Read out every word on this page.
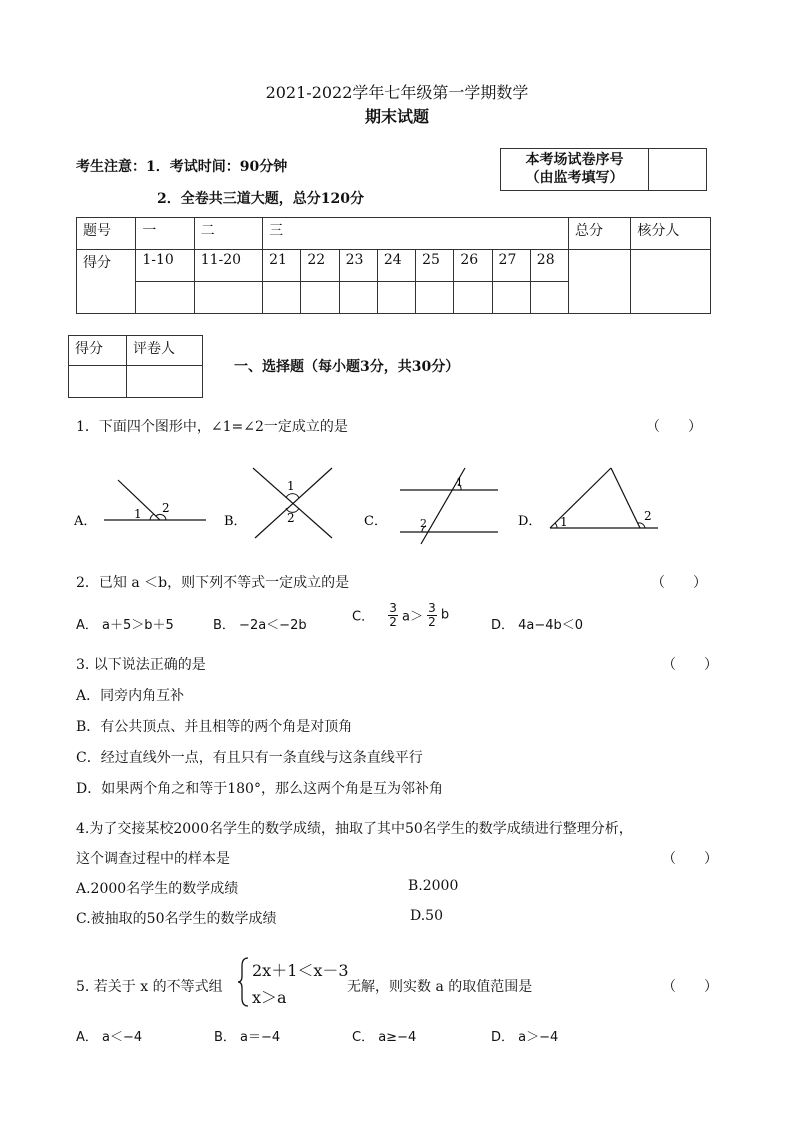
2021-2022学年七年级第一学期数学
期末试题
考生注意：1．考试时间：90分钟
2．全卷共三道大题，总分120分
本考场试卷序号
（由监考填写）

题号	一	二	三								总分	核分人
得分	1-10	11-20	21	22	23	24	25	26	27	28		

得分	评卷人

一、选择题（每小题3分，共30分）
1．下面四个图形中，∠1=∠2一定成立的是	（　　）
A．	1 2
B．
1
2	C．
1
2	D． 1	2
2．已知 a ＜b，则下列不等式一定成立的是	（　　）
A． a＋5＞b＋5	B． −2a＜−2b
C． $\frac{3}{2} a> \frac{3}{2}$ b
D． 4a−4b＜0
3. 以下说法正确的是	（　　）
A．同旁内角互补
B．有公共顶点、并且相等的两个角是对顶角
C．经过直线外一点，有且只有一条直线与这条直线平行
D．如果两个角之和等于180°，那么这两个角是互为邻补角
4.为了交接某校2000名学生的数学成绩，抽取了其中50名学生的数学成绩进行整理分析，
这个调查过程中的样本是	（　　）
A.2000名学生的数学成绩	B.2000
C.被抽取的50名学生的数学成绩	D.50
5. 若关于 x 的不等式组
2x＋1＜x－3
x＞a
无解，则实数 a 的取值范围是	（　　）
A． a＜−4	B． a＝−4	C． a≥−4	D． a＞−4
